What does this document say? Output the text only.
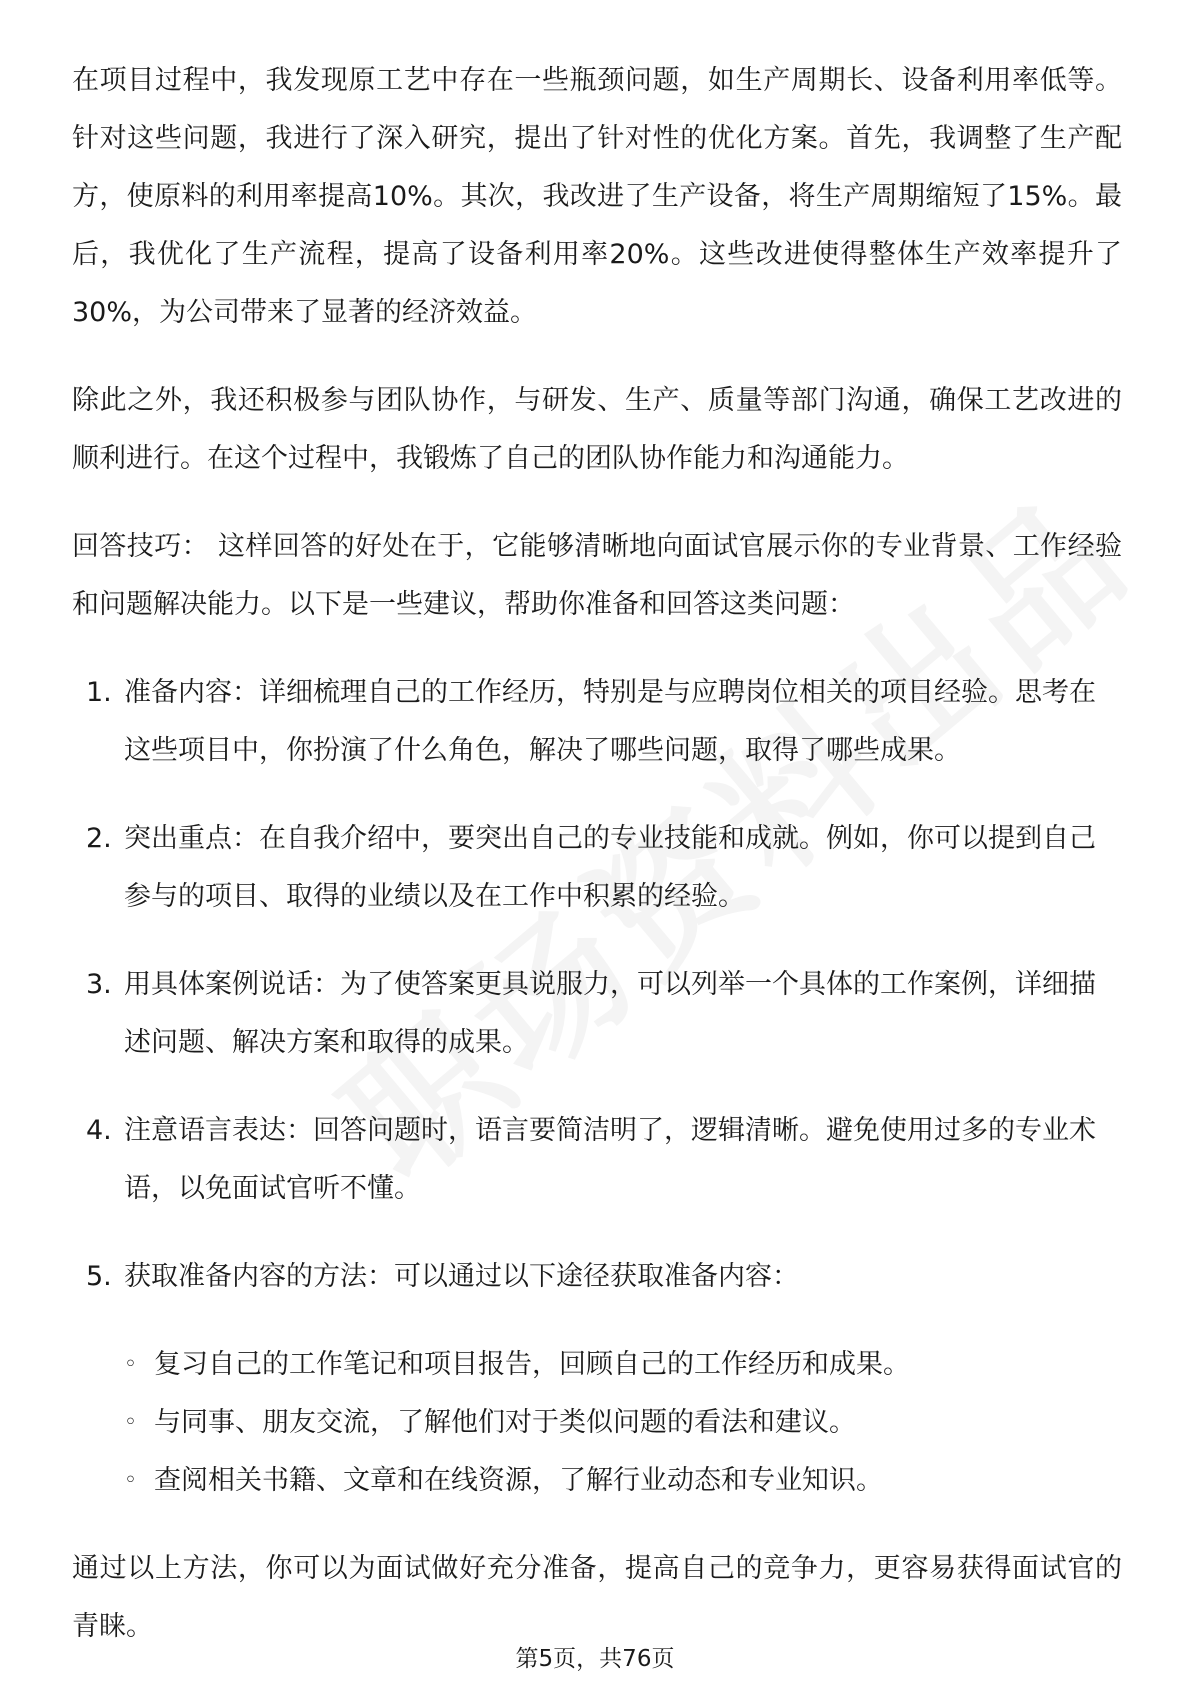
在项目过程中，我发现原工艺中存在一些瓶颈问题，如生产周期长、设备利用率低等。针对这些问题，我进行了深入研究，提出了针对性的优化方案。首先，我调整了生产配方，使原料的利用率提高10%。其次，我改进了生产设备，将生产周期缩短了15%。最后，我优化了生产流程，提高了设备利用率20%。这些改进使得整体生产效率提升了30%，为公司带来了显著的经济效益。

除此之外，我还积极参与团队协作，与研发、生产、质量等部门沟通，确保工艺改进的顺利进行。在这个过程中，我锻炼了自己的团队协作能力和沟通能力。

回答技巧： 这样回答的好处在于，它能够清晰地向面试官展示你的专业背景、工作经验和问题解决能力。以下是一些建议，帮助你准备和回答这类问题：

1. 准备内容：详细梳理自己的工作经历，特别是与应聘岗位相关的项目经验。思考在这些项目中，你扮演了什么角色，解决了哪些问题，取得了哪些成果。
2. 突出重点：在自我介绍中，要突出自己的专业技能和成就。例如，你可以提到自己参与的项目、取得的业绩以及在工作中积累的经验。
3. 用具体案例说话：为了使答案更具说服力，可以列举一个具体的工作案例，详细描述问题、解决方案和取得的成果。
4. 注意语言表达：回答问题时，语言要简洁明了，逻辑清晰。避免使用过多的专业术语，以免面试官听不懂。
5. 获取准备内容的方法：可以通过以下途径获取准备内容：
◦ 复习自己的工作笔记和项目报告，回顾自己的工作经历和成果。
◦ 与同事、朋友交流，了解他们对于类似问题的看法和建议。
◦ 查阅相关书籍、文章和在线资源，了解行业动态和专业知识。

通过以上方法，你可以为面试做好充分准备，提高自己的竞争力，更容易获得面试官的青睐。

第5页，共76页
